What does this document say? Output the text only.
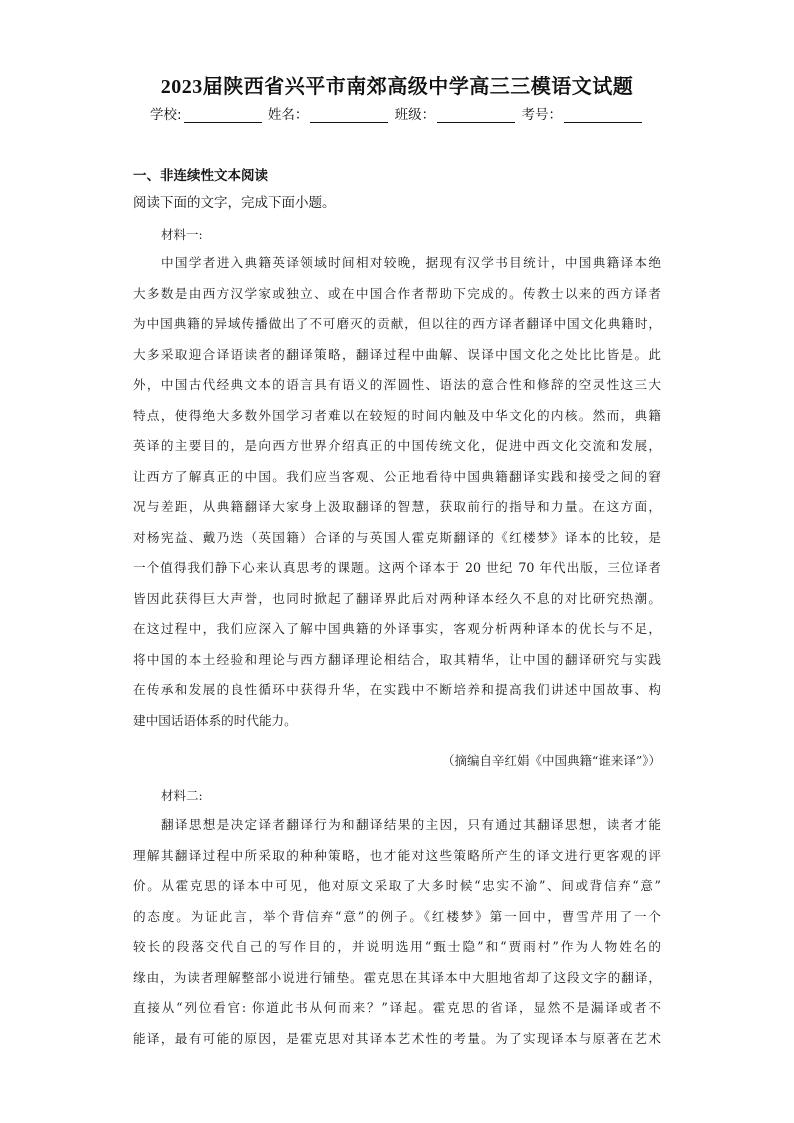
2023届陕西省兴平市南郊高级中学高三三模语文试题
学校:	姓名：	班级：	考号：
一、非连续性文本阅读
阅读下面的文字，完成下面小题。
材料一:
中国学者进入典籍英译领域时间相对较晚，据现有汉学书目统计，中国典籍译本绝
大多数是由西方汉学家或独立、或在中国合作者帮助下完成的。传教士以来的西方译者
为中国典籍的异域传播做出了不可磨灭的贡献，但以往的西方译者翻译中国文化典籍时，
大多采取迎合译语读者的翻译策略，翻译过程中曲解、误译中国文化之处比比皆是。此
外，中国古代经典文本的语言具有语义的浑圆性、语法的意合性和修辞的空灵性这三大
特点，使得绝大多数外国学习者难以在较短的时间内触及中华文化的内核。然而，典籍
英译的主要目的，是向西方世界介绍真正的中国传统文化，促进中西文化交流和发展，
让西方了解真正的中国。我们应当客观、公正地看待中国典籍翻译实践和接受之间的窘
况与差距，从典籍翻译大家身上汲取翻译的智慧，获取前行的指导和力量。在这方面，
对杨宪益、戴乃迭（英国籍）合译的与英国人霍克斯翻译的《红楼梦》译本的比较，是
一个值得我们静下心来认真思考的课题。这两个译本于 20 世纪 70 年代出版，三位译者
皆因此获得巨大声誉，也同时掀起了翻译界此后对两种译本经久不息的对比研究热潮。
在这过程中，我们应深入了解中国典籍的外译事实，客观分析两种译本的优长与不足，
将中国的本土经验和理论与西方翻译理论相结合，取其精华，让中国的翻译研究与实践
在传承和发展的良性循环中获得升华，在实践中不断培养和提高我们讲述中国故事、构
建中国话语体系的时代能力。
（摘编自辛红娟《中国典籍“谁来译”》）
材料二:
翻译思想是决定译者翻译行为和翻译结果的主因，只有通过其翻译思想，读者才能
理解其翻译过程中所采取的种种策略，也才能对这些策略所产生的译文进行更客观的评
价。从霍克思的译本中可见，他对原文采取了大多时候“忠实不渝”、间或背信弃“意”
的态度。为证此言，举个背信弃“意”的例子。《红楼梦》第一回中，曹雪芹用了一个
较长的段落交代自己的写作目的，并说明选用“甄士隐”和“贾雨村”作为人物姓名的
缘由，为读者理解整部小说进行铺垫。霍克思在其译本中大胆地省却了这段文字的翻译，
直接从“列位看官: 你道此书从何而来？”译起。霍克思的省译，显然不是漏译或者不
能译，最有可能的原因，是霍克思对其译本艺术性的考量。为了实现译本与原著在艺术
